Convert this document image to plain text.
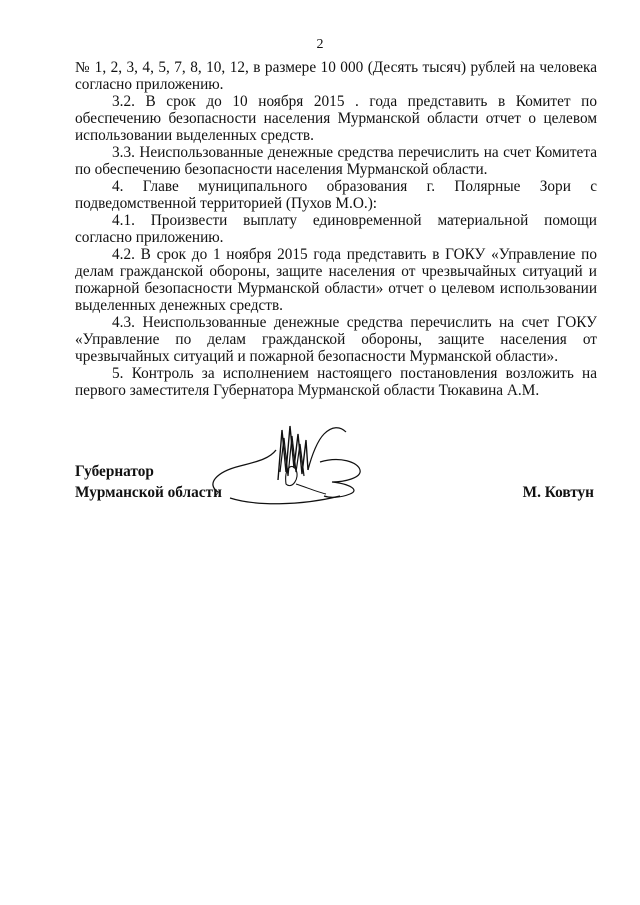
2

№ 1, 2, 3, 4, 5, 7, 8, 10, 12, в размере 10 000 (Десять тысяч) рублей на человека согласно приложению.

3.2. В срок до 10 ноября 2015 . года представить в Комитет по обеспечению безопасности населения Мурманской области отчет о целевом использовании выделенных средств.

3.3. Неиспользованные денежные средства перечислить на счет Комитета по обеспечению безопасности населения Мурманской области.

4. Главе муниципального образования г. Полярные Зори с подведомственной территорией (Пухов М.О.):

4.1. Произвести выплату единовременной материальной помощи согласно приложению.

4.2. В срок до 1 ноября 2015 года представить в ГОКУ «Управление по делам гражданской обороны, защите населения от чрезвычайных ситуаций и пожарной безопасности Мурманской области» отчет о целевом использовании выделенных денежных средств.

4.3. Неиспользованные денежные средства перечислить на счет ГОКУ «Управление по делам гражданской обороны, защите населения от чрезвычайных ситуаций и пожарной безопасности Мурманской области».

5. Контроль за исполнением настоящего постановления возложить на первого заместителя Губернатора Мурманской области Тюкавина А.М.

Губернатор
Мурманской области	М. Ковтун
